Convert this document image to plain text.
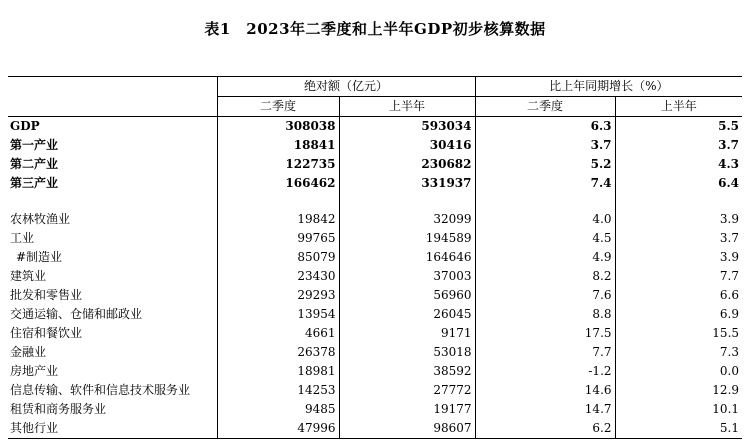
表1　2023年二季度和上半年GDP初步核算数据
	绝对额（亿元）		比上年同期增长（%）	
	二季度	上半年	二季度	上半年
GDP	308038	593034	6.3	5.5
第一产业	18841	30416	3.7	3.7
第二产业	122735	230682	5.2	4.3
第三产业	166462	331937	7.4	6.4

农林牧渔业	19842	32099	4.0	3.9
工业	99765	194589	4.5	3.7
#制造业	85079	164646	4.9	3.9
建筑业	23430	37003	8.2	7.7
批发和零售业	29293	56960	7.6	6.6
交通运输、仓储和邮政业	13954	26045	8.8	6.9
住宿和餐饮业	4661	9171	17.5	15.5
金融业	26378	53018	7.7	7.3
房地产业	18981	38592	-1.2	0.0
信息传输、软件和信息技术服务业	14253	27772	14.6	12.9
租赁和商务服务业	9485	19177	14.7	10.1
其他行业	47996	98607	6.2	5.1
